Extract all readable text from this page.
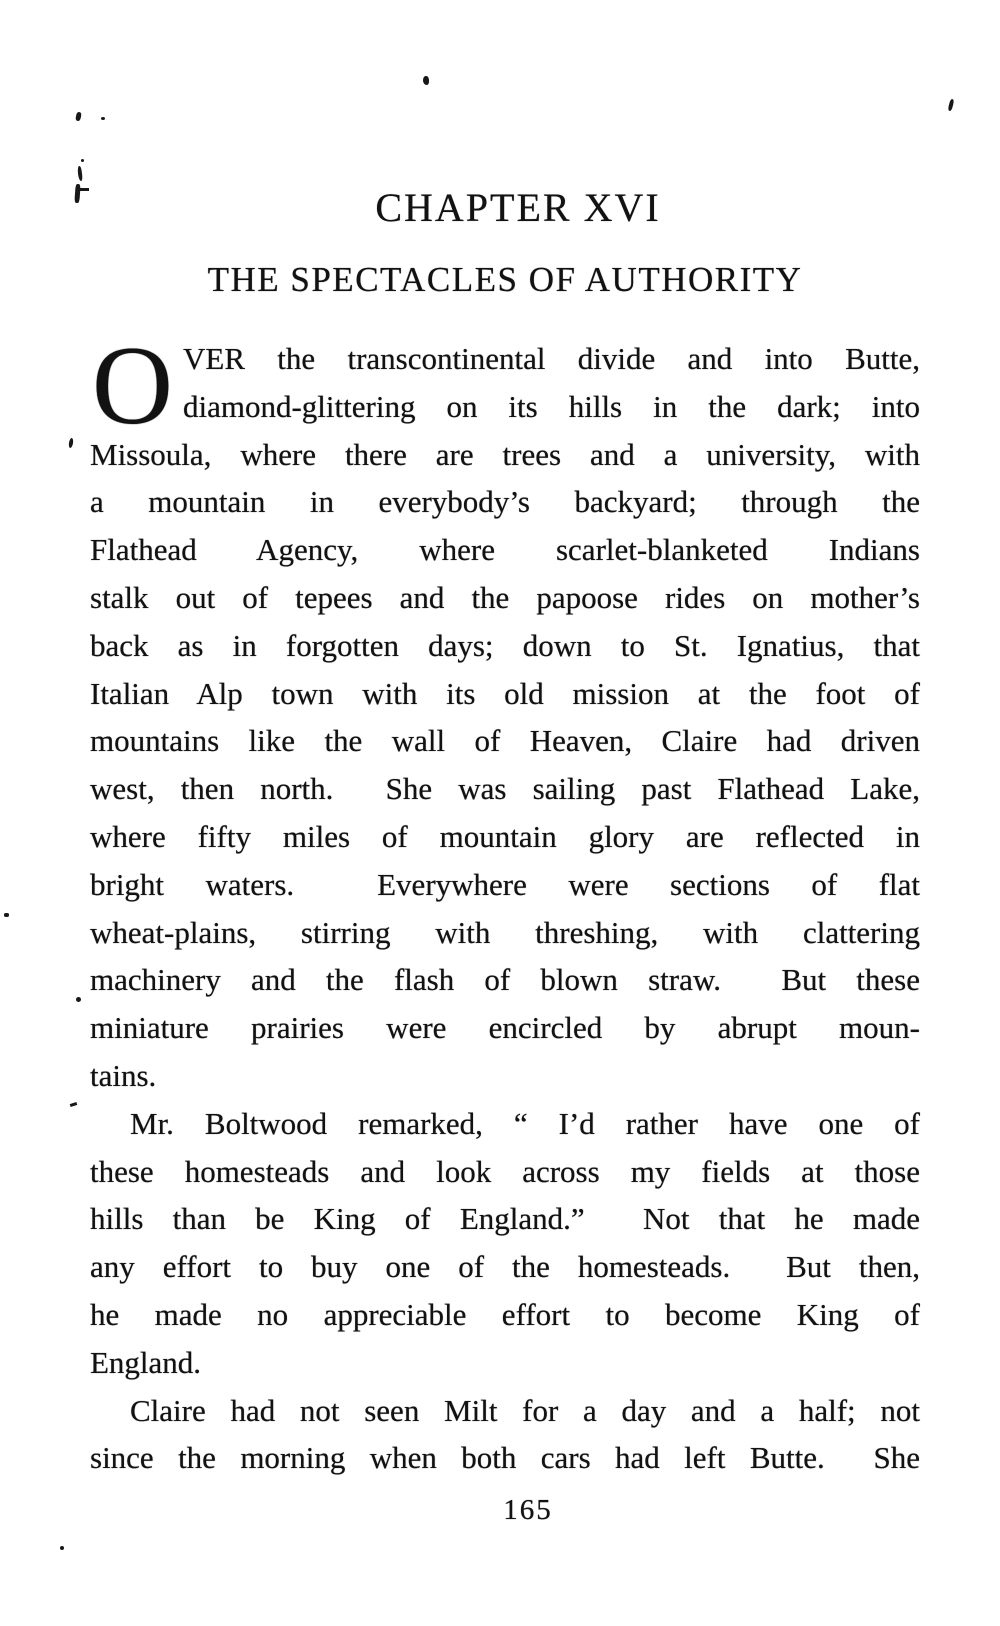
CHAPTER XVI
THE SPECTACLES OF AUTHORITY
O VER the transcontinental divide and into Butte,
diamond-glittering on its hills in the dark; into
Missoula, where there are trees and a university, with
a mountain in everybody’s backyard; through the
Flathead Agency, where scarlet-blanketed Indians
stalk out of tepees and the papoose rides on mother’s
back as in forgotten days; down to St. Ignatius, that
Italian Alp town with its old mission at the foot of
mountains like the wall of Heaven, Claire had driven
west, then north.  She was sailing past Flathead Lake,
where fifty miles of mountain glory are reflected in
bright waters.  Everywhere were sections of flat
wheat-plains, stirring with threshing, with clattering
machinery and the flash of blown straw.  But these
miniature prairies were encircled by abrupt moun-
tains.
Mr. Boltwood remarked, “ I’d rather have one of
these homesteads and look across my fields at those
hills than be King of England.”  Not that he made
any effort to buy one of the homesteads.  But then,
he made no appreciable effort to become King of
England.
Claire had not seen Milt for a day and a half; not
since the morning when both cars had left Butte.  She
165
